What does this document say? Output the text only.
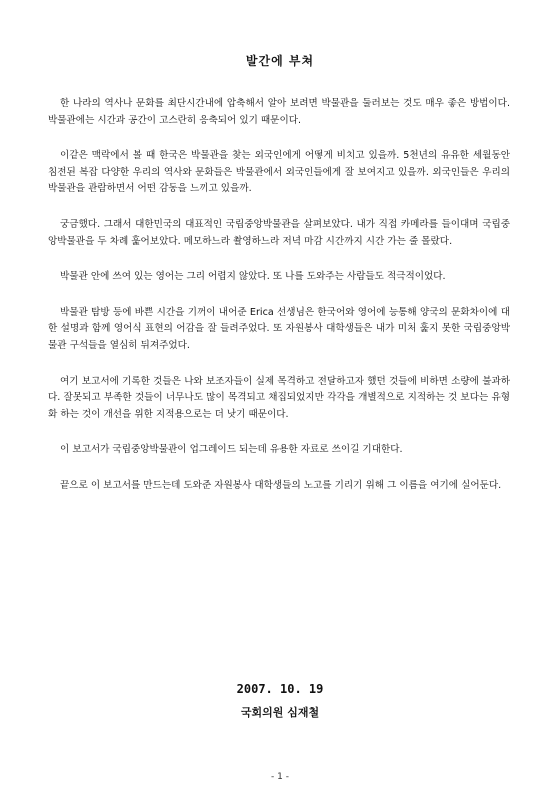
발간에 부쳐

한 나라의 역사나 문화를 최단시간내에 압축해서 알아 보려면 박물관을 둘러보는 것도 매우 좋은 방법이다. 박물관에는 시간과 공간이 고스란히 응축되어 있기 때문이다.

이같은 맥락에서 볼 때 한국은 박물관을 찾는 외국인에게 어떻게 비치고 있을까. 5천년의 유유한 세월동안 침전된 복잡 다양한 우리의 역사와 문화들은 박물관에서 외국인들에게 잘 보여지고 있을까. 외국인들은 우리의 박물관을 관람하면서 어떤 감동을 느끼고 있을까.

궁금했다. 그래서 대한민국의 대표적인 국립중앙박물관을 살펴보았다. 내가 직접 카메라를 들이대며 국립중앙박물관을 두 차례 훑어보았다. 메모하느라 촬영하느라 저녁 마감 시간까지 시간 가는 줄 몰랐다.

박물관 안에 쓰여 있는 영어는 그리 어렵지 않았다. 또 나를 도와주는 사람들도 적극적이었다.

박물관 탐방 등에 바쁜 시간을 기꺼이 내어준 Erica 선생님은 한국어와 영어에 능통해 양국의 문화차이에 대한 설명과 함께 영어식 표현의 어감을 잘 들려주었다. 또 자원봉사 대학생들은 내가 미처 훑지 못한 국립중앙박물관 구석들을 열심히 뒤져주었다.

여기 보고서에 기록한 것들은 나와 보조자들이 실제 목격하고 전달하고자 했던 것들에 비하면 소량에 불과하다. 잘못되고 부족한 것들이 너무나도 많이 목격되고 채집되었지만 각각을 개별적으로 지적하는 것 보다는 유형화 하는 것이 개선을 위한 지적용으로는 더 낫기 때문이다.

이 보고서가 국립중앙박물관이 업그레이드 되는데 유용한 자료로 쓰이길 기대한다.

끝으로 이 보고서를 만드는데 도와준 자원봉사 대학생들의 노고를 기리기 위해 그 이름을 여기에 실어둔다.

2007. 10. 19
국회의원 심재철
- 1 -
